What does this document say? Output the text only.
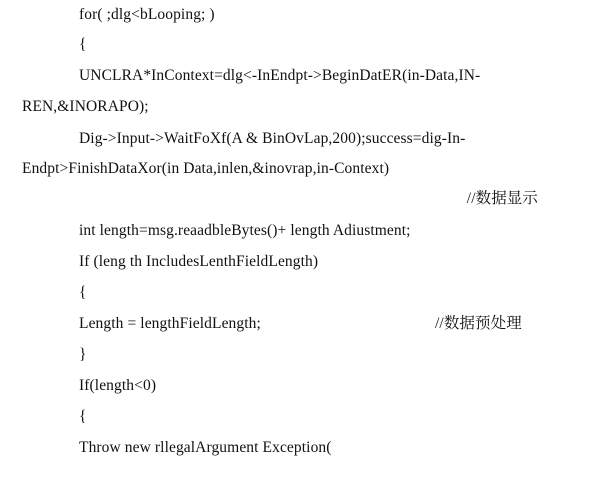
for( ;dlg<bLooping; )
{
UNCLRA*InContext=dlg<-InEndpt->BeginDatER(in-Data,IN-
REN,&INORAPO);
Dig->Input->WaitFoXf(A & BinOvLap,200);success=dig-In-
Endpt>FinishDataXor(in Data,inlen,&inovrap,in-Context)
//数据显示
int length=msg.reaadbleBytes()+ length Adiustment;
If (leng th IncludesLenthFieldLength)
{
Length = lengthFieldLength;	//数据预处理
}
If(length<0)
{
Throw new rllegalArgument Exception(
